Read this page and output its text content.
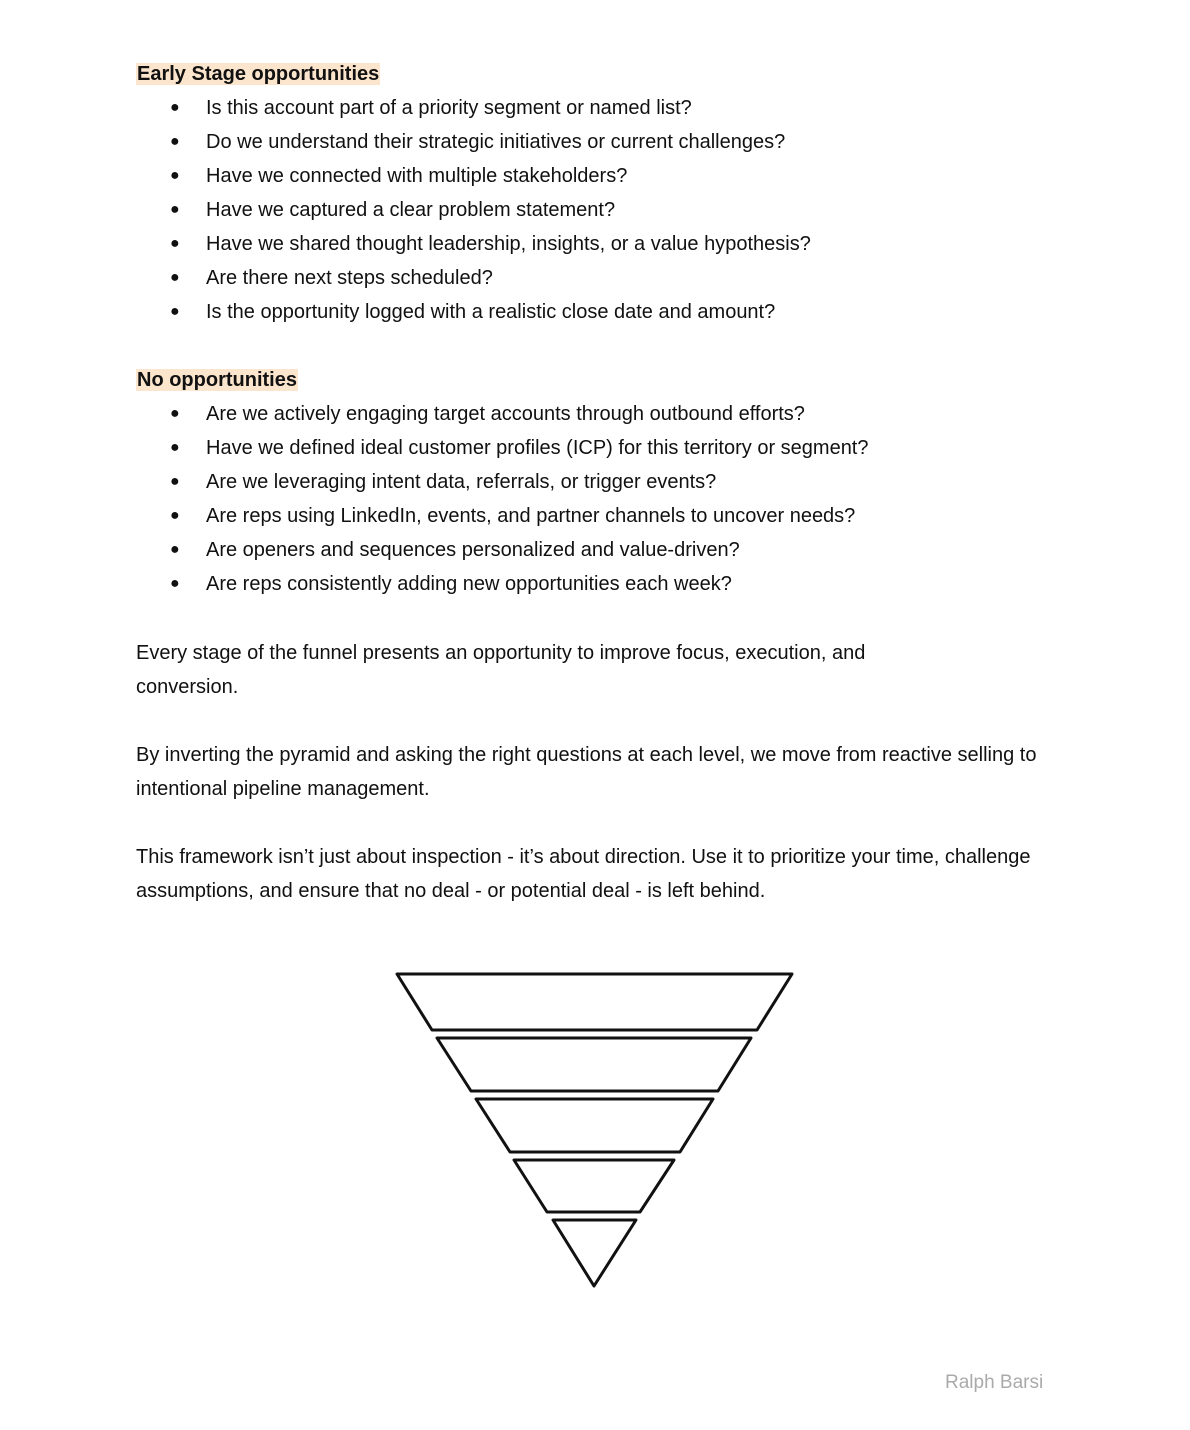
Early Stage opportunities
● Is this account part of a priority segment or named list?
● Do we understand their strategic initiatives or current challenges?
● Have we connected with multiple stakeholders?
● Have we captured a clear problem statement?
● Have we shared thought leadership, insights, or a value hypothesis?
● Are there next steps scheduled?
● Is the opportunity logged with a realistic close date and amount?
No opportunities
● Are we actively engaging target accounts through outbound efforts?
● Have we defined ideal customer profiles (ICP) for this territory or segment?
● Are we leveraging intent data, referrals, or trigger events?
● Are reps using LinkedIn, events, and partner channels to uncover needs?
● Are openers and sequences personalized and value-driven?
● Are reps consistently adding new opportunities each week?

Every stage of the funnel presents an opportunity to improve focus, execution, and conversion.

By inverting the pyramid and asking the right questions at each level, we move from reactive selling to intentional pipeline management.

This framework isn’t just about inspection - it’s about direction. Use it to prioritize your time, challenge assumptions, and ensure that no deal - or potential deal - is left behind.

Ralph Barsi
